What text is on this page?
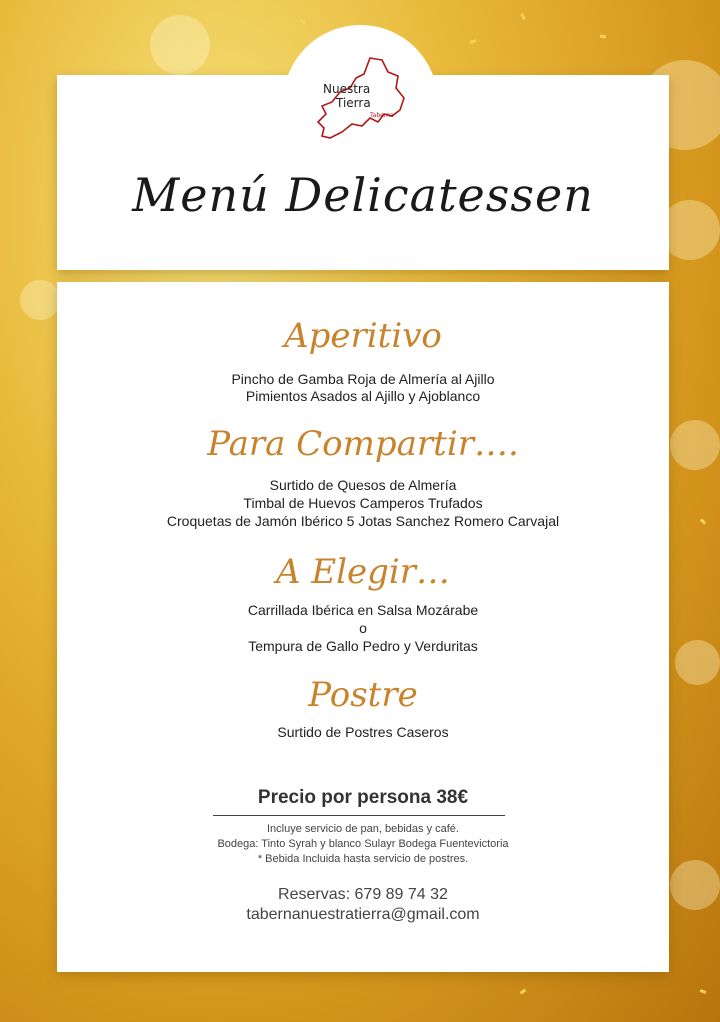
Nuestra
Tierra
Taberna
Menú Delicatessen
Aperitivo
Pincho de Gamba Roja de Almería al Ajillo
Pimientos Asados al Ajillo y Ajoblanco
Para Compartir….
Surtido de Quesos de Almería
Timbal de Huevos Camperos Trufados
Croquetas de Jamón Ibérico 5 Jotas Sanchez Romero Carvajal
A Elegir…
Carrillada Ibérica en Salsa Mozárabe
o
Tempura de Gallo Pedro y Verduritas
Postre
Surtido de Postres Caseros
Precio por persona 38€
Incluye servicio de pan, bebidas y café.
Bodega: Tinto Syrah y blanco Sulayr Bodega Fuentevictoria
* Bebida Incluida hasta servicio de postres.
Reservas: 679 89 74 32
tabernanuestratierra@gmail.com
